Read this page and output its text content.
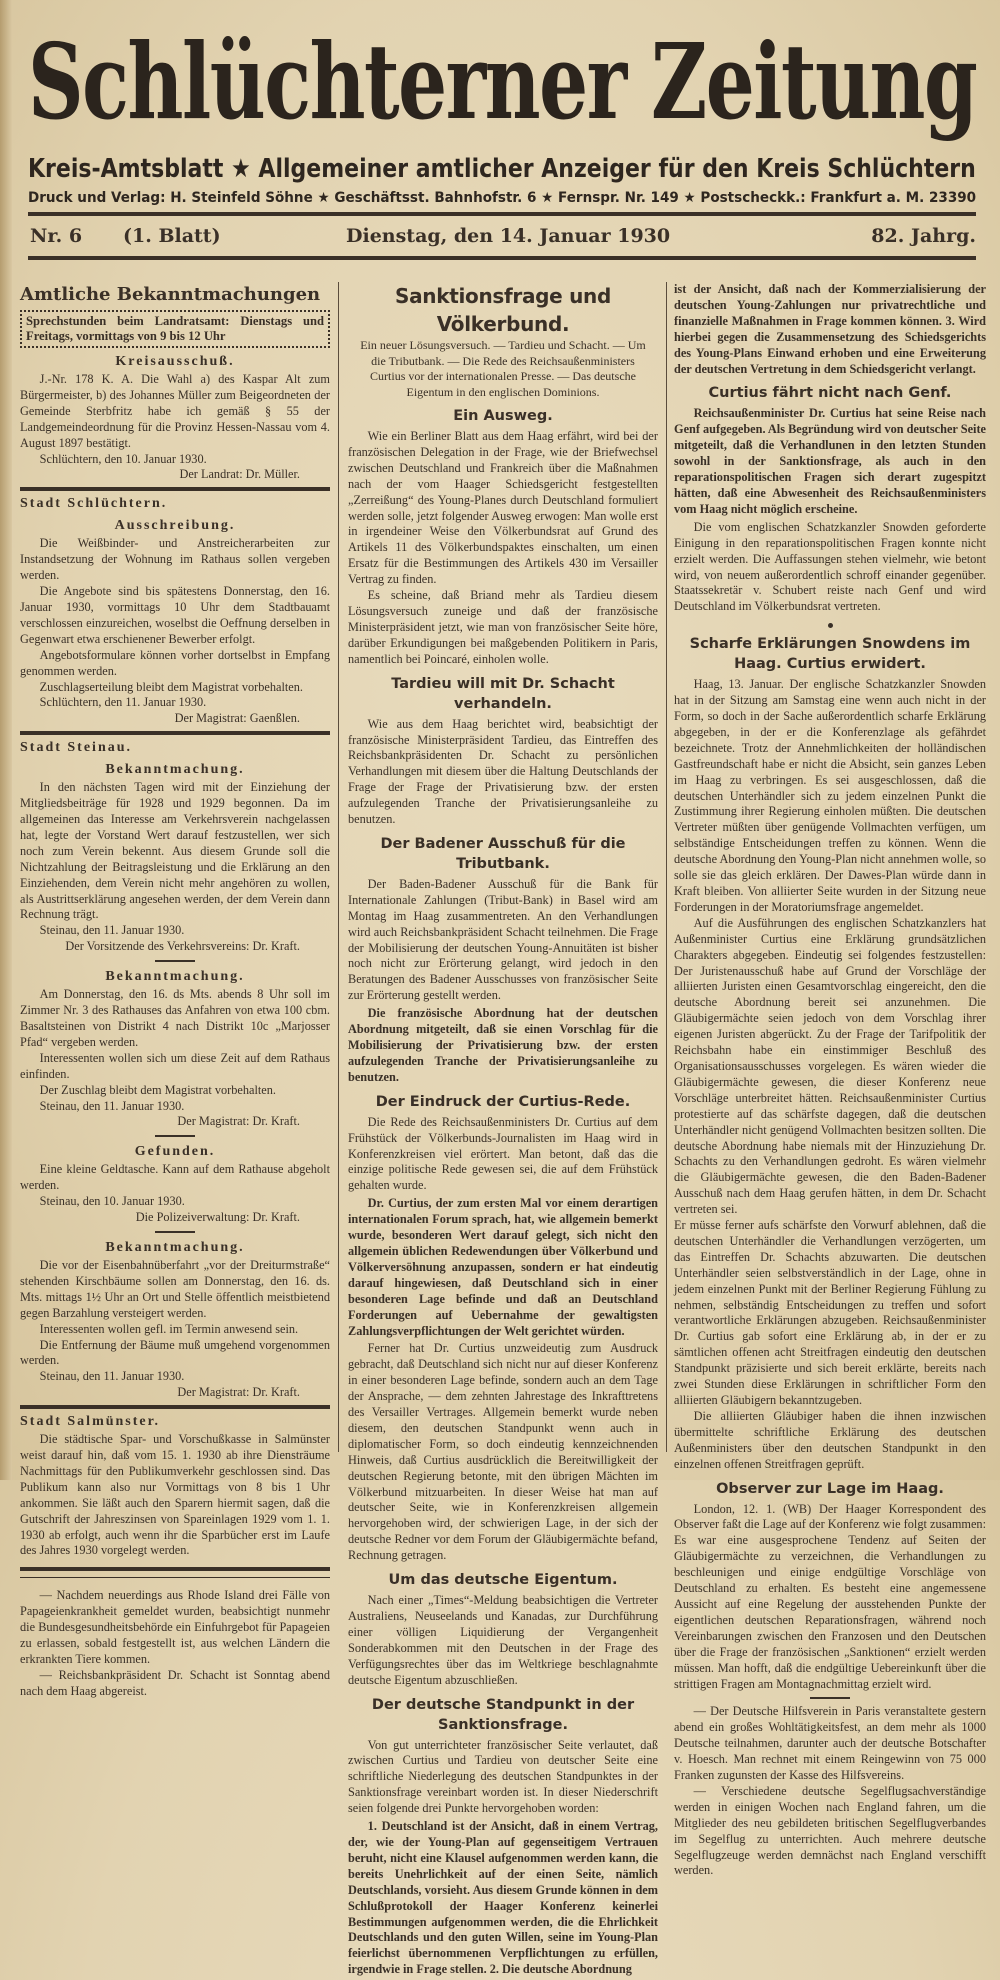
Schlüchterner Zeitung
Kreis-Amtsblatt ★ Allgemeiner amtlicher Anzeiger für den Kreis Schlüchtern
Druck und Verlag: H. Steinfeld Söhne ★ Geschäftsst. Bahnhofstr. 6 ★ Fernspr. Nr. 149 ★ Postscheckk.: Frankfurt a. M. 23390
Nr. 6 (1. Blatt)	Dienstag, den 14. Januar 1930	82. Jahrg.
Amtliche Bekanntmachungen
Sprechstunden beim Landratsamt: Dienstags und Freitags, vormittags von 9 bis 12 Uhr
Kreisausschuß.
J.-Nr. 178 K. A. Die Wahl a) des Kaspar Alt zum Bürgermeister, b) des Johannes Müller zum Beigeordneten der Gemeinde Sterbfritz habe ich gemäß § 55 der Landgemeindeordnung für die Provinz Hessen-Nassau vom 4. August 1897 bestätigt.
Schlüchtern, den 10. Januar 1930.
Der Landrat: Dr. Müller.
Stadt Schlüchtern.
Ausschreibung.
Die Weißbinder- und Anstreicherarbeiten zur Instandsetzung der Wohnung im Rathaus sollen vergeben werden.
Die Angebote sind bis spätestens Donnerstag, den 16. Januar 1930, vormittags 10 Uhr dem Stadtbauamt verschlossen einzureichen, woselbst die Oeffnung derselben in Gegenwart etwa erschienener Bewerber erfolgt.
Angebotsformulare können vorher dortselbst in Empfang genommen werden.
Zuschlagserteilung bleibt dem Magistrat vorbehalten.
Schlüchtern, den 11. Januar 1930.
Der Magistrat: Gaenßlen.
Stadt Steinau.
Bekanntmachung.
In den nächsten Tagen wird mit der Einziehung der Mitgliedsbeiträge für 1928 und 1929 begonnen. Da im allgemeinen das Interesse am Verkehrsverein nachgelassen hat, legte der Vorstand Wert darauf festzustellen, wer sich noch zum Verein bekennt. Aus diesem Grunde soll die Nichtzahlung der Beitragsleistung und die Erklärung an den Einziehenden, dem Verein nicht mehr angehören zu wollen, als Austrittserklärung angesehen werden, der dem Verein dann Rechnung trägt.
Steinau, den 11. Januar 1930.
Der Vorsitzende des Verkehrsvereins: Dr. Kraft.
Bekanntmachung.
Am Donnerstag, den 16. ds Mts. abends 8 Uhr soll im Zimmer Nr. 3 des Rathauses das Anfahren von etwa 100 cbm. Basaltsteinen von Distrikt 4 nach Distrikt 10c „Marjosser Pfad“ vergeben werden.
Interessenten wollen sich um diese Zeit auf dem Rathaus einfinden.
Der Zuschlag bleibt dem Magistrat vorbehalten.
Steinau, den 11. Januar 1930.
Der Magistrat: Dr. Kraft.
Gefunden.
Eine kleine Geldtasche. Kann auf dem Rathause abgeholt werden.
Steinau, den 10. Januar 1930.
Die Polizeiverwaltung: Dr. Kraft.
Bekanntmachung.
Die vor der Eisenbahnüberfahrt „vor der Dreiturmstraße“ stehenden Kirschbäume sollen am Donnerstag, den 16. ds. Mts. mittags 1½ Uhr an Ort und Stelle öffentlich meistbietend gegen Barzahlung versteigert werden.
Interessenten wollen gefl. im Termin anwesend sein.
Die Entfernung der Bäume muß umgehend vorgenommen werden.
Steinau, den 11. Januar 1930.
Der Magistrat: Dr. Kraft.
Stadt Salmünster.
Die städtische Spar- und Vorschußkasse in Salmünster weist darauf hin, daß vom 15. 1. 1930 ab ihre Diensträume Nachmittags für den Publikumverkehr geschlossen sind. Das Publikum kann also nur Vormittags von 8 bis 1 Uhr ankommen. Sie läßt auch den Sparern hiermit sagen, daß die Gutschrift der Jahreszinsen von Spareinlagen 1929 vom 1. 1. 1930 ab erfolgt, auch wenn ihr die Sparbücher erst im Laufe des Jahres 1930 vorgelegt werden.
— Nachdem neuerdings aus Rhode Island drei Fälle von Papageienkrankheit gemeldet wurden, beabsichtigt nunmehr die Bundesgesundheitsbehörde ein Einfuhrgebot für Papageien zu erlassen, sobald festgestellt ist, aus welchen Ländern die erkrankten Tiere kommen.
— Reichsbankpräsident Dr. Schacht ist Sonntag abend nach dem Haag abgereist.
Sanktionsfrage und Völkerbund.
Ein neuer Lösungsversuch. — Tardieu und Schacht. — Um die Tributbank. — Die Rede des Reichsaußenministers Curtius vor der internationalen Presse. — Das deutsche Eigentum in den englischen Dominions.
Ein Ausweg.
Wie ein Berliner Blatt aus dem Haag erfährt, wird bei der französischen Delegation in der Frage, wie der Briefwechsel zwischen Deutschland und Frankreich über die Maßnahmen nach der vom Haager Schiedsgericht festgestellten „Zerreißung“ des Young-Planes durch Deutschland formuliert werden solle, jetzt folgender Ausweg erwogen: Man wolle erst in irgendeiner Weise den Völkerbundsrat auf Grund des Artikels 11 des Völkerbundspaktes einschalten, um einen Ersatz für die Bestimmungen des Artikels 430 im Versailler Vertrag zu finden.
Es scheine, daß Briand mehr als Tardieu diesem Lösungsversuch zuneige und daß der französische Ministerpräsident jetzt, wie man von französischer Seite höre, darüber Erkundigungen bei maßgebenden Politikern in Paris, namentlich bei Poincaré, einholen wolle.
Tardieu will mit Dr. Schacht verhandeln.
Wie aus dem Haag berichtet wird, beabsichtigt der französische Ministerpräsident Tardieu, das Eintreffen des Reichsbankpräsidenten Dr. Schacht zu persönlichen Verhandlungen mit diesem über die Haltung Deutschlands der Frage der Frage der Privatisierung bzw. der ersten aufzulegenden Tranche der Privatisierungsanleihe zu benutzen.
Der Badener Ausschuß für die Tributbank.
Der Baden-Badener Ausschuß für die Bank für Internationale Zahlungen (Tribut-Bank) in Basel wird am Montag im Haag zusammentreten. An den Verhandlungen wird auch Reichsbankpräsident Schacht teilnehmen. Die Frage der Mobilisierung der deutschen Young-Annuitäten ist bisher noch nicht zur Erörterung gelangt, wird jedoch in den Beratungen des Badener Ausschusses von französischer Seite zur Erörterung gestellt werden.
Die französische Abordnung hat der deutschen Abordnung mitgeteilt, daß sie einen Vorschlag für die Mobilisierung der Privatisierung bzw. der ersten aufzulegenden Tranche der Privatisierungsanleihe zu benutzen.
Der Eindruck der Curtius-Rede.
Die Rede des Reichsaußenministers Dr. Curtius auf dem Frühstück der Völkerbunds-Journalisten im Haag wird in Konferenzkreisen viel erörtert. Man betont, daß das die einzige politische Rede gewesen sei, die auf dem Frühstück gehalten wurde.
Dr. Curtius, der zum ersten Mal vor einem derartigen internationalen Forum sprach, hat, wie allgemein bemerkt wurde, besonderen Wert darauf gelegt, sich nicht den allgemein üblichen Redewendungen über Völkerbund und Völkerversöhnung anzupassen, sondern er hat eindeutig darauf hingewiesen, daß Deutschland sich in einer besonderen Lage befinde und daß an Deutschland Forderungen auf Uebernahme der gewaltigsten Zahlungsverpflichtungen der Welt gerichtet würden.
Ferner hat Dr. Curtius unzweideutig zum Ausdruck gebracht, daß Deutschland sich nicht nur auf dieser Konferenz in einer besonderen Lage befinde, sondern auch an dem Tage der Ansprache, — dem zehnten Jahrestage des Inkrafttretens des Versailler Vertrages. Allgemein bemerkt wurde neben diesem, den deutschen Standpunkt wenn auch in diplomatischer Form, so doch eindeutig kennzeichnenden Hinweis, daß Curtius ausdrücklich die Bereitwilligkeit der deutschen Regierung betonte, mit den übrigen Mächten im Völkerbund mitzuarbeiten. In dieser Weise hat man auf deutscher Seite, wie in Konferenzkreisen allgemein hervorgehoben wird, der schwierigen Lage, in der sich der deutsche Redner vor dem Forum der Gläubigermächte befand, Rechnung getragen.
Um das deutsche Eigentum.
Nach einer „Times“-Meldung beabsichtigen die Vertreter Australiens, Neuseelands und Kanadas, zur Durchführung einer völligen Liquidierung der Vergangenheit Sonderabkommen mit den Deutschen in der Frage des Verfügungsrechtes über das im Weltkriege beschlagnahmte deutsche Eigentum abzuschließen.
Der deutsche Standpunkt in der Sanktionsfrage.
Von gut unterrichteter französischer Seite verlautet, daß zwischen Curtius und Tardieu von deutscher Seite eine schriftliche Niederlegung des deutschen Standpunktes in der Sanktionsfrage vereinbart worden ist. In dieser Niederschrift seien folgende drei Punkte hervorgehoben worden:
1. Deutschland ist der Ansicht, daß in einem Vertrag, der, wie der Young-Plan auf gegenseitigem Vertrauen beruht, nicht eine Klausel aufgenommen werden kann, die bereits Unehrlichkeit auf der einen Seite, nämlich Deutschlands, vorsieht. Aus diesem Grunde können in dem Schlußprotokoll der Haager Konferenz keinerlei Bestimmungen aufgenommen werden, die die Ehrlichkeit Deutschlands und den guten Willen, seine im Young-Plan feierlichst übernommenen Verpflichtungen zu erfüllen, irgendwie in Frage stellen. 2. Die deutsche Abordnung
ist der Ansicht, daß nach der Kommerzialisierung der deutschen Young-Zahlungen nur privatrechtliche und finanzielle Maßnahmen in Frage kommen können. 3. Wird hierbei gegen die Zusammensetzung des Schiedsgerichts des Young-Plans Einwand erhoben und eine Erweiterung der deutschen Vertretung in dem Schiedsgericht verlangt.
Curtius fährt nicht nach Genf.
Reichsaußenminister Dr. Curtius hat seine Reise nach Genf aufgegeben. Als Begründung wird von deutscher Seite mitgeteilt, daß die Verhandlunen in den letzten Stunden sowohl in der Sanktionsfrage, als auch in den reparationspolitischen Fragen sich derart zugespitzt hätten, daß eine Abwesenheit des Reichsaußenministers vom Haag nicht möglich erscheine.
Die vom englischen Schatzkanzler Snowden geforderte Einigung in den reparationspolitischen Fragen konnte nicht erzielt werden. Die Auffassungen stehen vielmehr, wie betont wird, von neuem außerordentlich schroff einander gegenüber. Staatssekretär v. Schubert reiste nach Genf und wird Deutschland im Völkerbundsrat vertreten.
Scharfe Erklärungen Snowdens im Haag. Curtius erwidert.
Haag, 13. Januar. Der englische Schatzkanzler Snowden hat in der Sitzung am Samstag eine wenn auch nicht in der Form, so doch in der Sache außerordentlich scharfe Erklärung abgegeben, in der er die Konferenzlage als gefährdet bezeichnete. Trotz der Annehmlichkeiten der holländischen Gastfreundschaft habe er nicht die Absicht, sein ganzes Leben im Haag zu verbringen. Es sei ausgeschlossen, daß die deutschen Unterhändler sich zu jedem einzelnen Punkt die Zustimmung ihrer Regierung einholen müßten. Die deutschen Vertreter müßten über genügende Vollmachten verfügen, um selbständige Entscheidungen treffen zu können. Wenn die deutsche Abordnung den Young-Plan nicht annehmen wolle, so solle sie das gleich erklären. Der Dawes-Plan würde dann in Kraft bleiben. Von alliierter Seite wurden in der Sitzung neue Forderungen in der Moratoriumsfrage angemeldet.
Auf die Ausführungen des englischen Schatzkanzlers hat Außenminister Curtius eine Erklärung grundsätzlichen Charakters abgegeben. Eindeutig sei folgendes festzustellen: Der Juristenausschuß habe auf Grund der Vorschläge der alliierten Juristen einen Gesamtvorschlag eingereicht, den die deutsche Abordnung bereit sei anzunehmen. Die Gläubigermächte seien jedoch von dem Vorschlag ihrer eigenen Juristen abgerückt. Zu der Frage der Tarifpolitik der Reichsbahn habe ein einstimmiger Beschluß des Organisationsausschusses vorgelegen. Es wären wieder die Gläubigermächte gewesen, die dieser Konferenz neue Vorschläge unterbreitet hätten. Reichsaußenminister Curtius protestierte auf das schärfste dagegen, daß die deutschen Unterhändler nicht genügend Vollmachten besitzen sollten. Die deutsche Abordnung habe niemals mit der Hinzuziehung Dr. Schachts zu den Verhandlungen gedroht. Es wären vielmehr die Gläubigermächte gewesen, die den Baden-Badener Ausschuß nach dem Haag gerufen hätten, in dem Dr. Schacht vertreten sei.
Er müsse ferner aufs schärfste den Vorwurf ablehnen, daß die deutschen Unterhändler die Verhandlungen verzögerten, um das Eintreffen Dr. Schachts abzuwarten. Die deutschen Unterhändler seien selbstverständlich in der Lage, ohne in jedem einzelnen Punkt mit der Berliner Regierung Fühlung zu nehmen, selbständig Entscheidungen zu treffen und sofort verantwortliche Erklärungen abzugeben. Reichsaußenminister Dr. Curtius gab sofort eine Erklärung ab, in der er zu sämtlichen offenen acht Streitfragen eindeutig den deutschen Standpunkt präzisierte und sich bereit erklärte, bereits nach zwei Stunden diese Erklärungen in schriftlicher Form den alliierten Gläubigern bekanntzugeben.
Die alliierten Gläubiger haben die ihnen inzwischen übermittelte schriftliche Erklärung des deutschen Außenministers über den deutschen Standpunkt in den einzelnen offenen Streitfragen geprüft.
Observer zur Lage im Haag.
London, 12. 1. (WB) Der Haager Korrespondent des Observer faßt die Lage auf der Konferenz wie folgt zusammen: Es war eine ausgesprochene Tendenz auf Seiten der Gläubigermächte zu verzeichnen, die Verhandlungen zu beschleunigen und einige endgültige Vorschläge von Deutschland zu erhalten. Es besteht eine angemessene Aussicht auf eine Regelung der ausstehenden Punkte der eigentlichen deutschen Reparationsfragen, während noch Vereinbarungen zwischen den Franzosen und den Deutschen über die Frage der französischen „Sanktionen“ erzielt werden müssen. Man hofft, daß die endgültige Uebereinkunft über die strittigen Fragen am Montagnachmittag erzielt wird.
— Der Deutsche Hilfsverein in Paris veranstaltete gestern abend ein großes Wohltätigkeitsfest, an dem mehr als 1000 Deutsche teilnahmen, darunter auch der deutsche Botschafter v. Hoesch. Man rechnet mit einem Reingewinn von 75 000 Franken zugunsten der Kasse des Hilfsvereins.
— Verschiedene deutsche Segelflugsachverständige werden in einigen Wochen nach England fahren, um die Mitglieder des neu gebildeten britischen Segelflugverbandes im Segelflug zu unterrichten. Auch mehrere deutsche Segelflugzeuge werden demnächst nach England verschifft werden.
